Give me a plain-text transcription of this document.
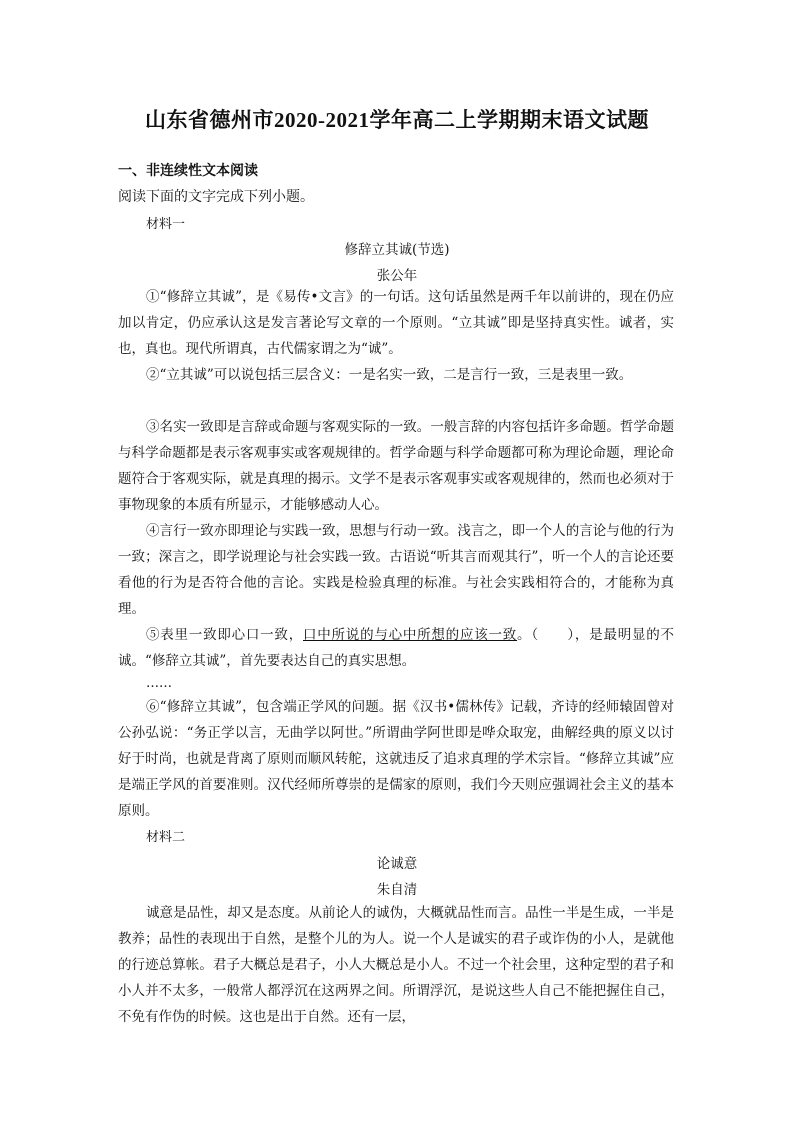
山东省德州市2020-2021学年高二上学期期末语文试题
一、非连续性文本阅读
阅读下面的文字完成下列小题。
材料一
修辞立其诚(节选)
张公年

①“修辞立其诚”，是《易传•文言》的一句话。这句话虽然是两千年以前讲的，现在仍应加以肯定，仍应承认这是发言著论写文章的一个原则。“立其诚”即是坚持真实性。诚者，实也，真也。现代所谓真，古代儒家谓之为“诚”。

②“立其诚”可以说包括三层含义：一是名实一致，二是言行一致，三是表里一致。

③名实一致即是言辞或命题与客观实际的一致。一般言辞的内容包括许多命题。哲学命题与科学命题都是表示客观事实或客观规律的。哲学命题与科学命题都可称为理论命题，理论命题符合于客观实际，就是真理的揭示。文学不是表示客观事实或客观规律的，然而也必须对于事物现象的本质有所显示，才能够感动人心。

④言行一致亦即理论与实践一致，思想与行动一致。浅言之，即一个人的言论与他的行为一致；深言之，即学说理论与社会实践一致。古语说“听其言而观其行”，听一个人的言论还要看他的行为是否符合他的言论。实践是检验真理的标准。与社会实践相符合的，才能称为真理。

⑤表里一致即心口一致，口中所说的与心中所想的应该一致。（　　），是最明显的不诚。“修辞立其诚”，首先要表达自己的真实思想。

……

⑥“修辞立其诚”，包含端正学风的问题。据《汉书•儒林传》记载，齐诗的经师辕固曾对公孙弘说：“务正学以言，无曲学以阿世。”所谓曲学阿世即是哗众取宠，曲解经典的原义以讨好于时尚，也就是背离了原则而顺风转舵，这就违反了追求真理的学术宗旨。“修辞立其诚”应是端正学风的首要准则。汉代经师所尊崇的是儒家的原则，我们今天则应强调社会主义的基本原则。

材料二
论诚意
朱自清

诚意是品性，却又是态度。从前论人的诚伪，大概就品性而言。品性一半是生成，一半是教养；品性的表现出于自然，是整个儿的为人。说一个人是诚实的君子或诈伪的小人，是就他的行迹总算帐。君子大概总是君子，小人大概总是小人。不过一个社会里，这种定型的君子和小人并不太多，一般常人都浮沉在这两界之间。所谓浮沉，是说这些人自己不能把握住自己，不免有作伪的时候。这也是出于自然。还有一层，
